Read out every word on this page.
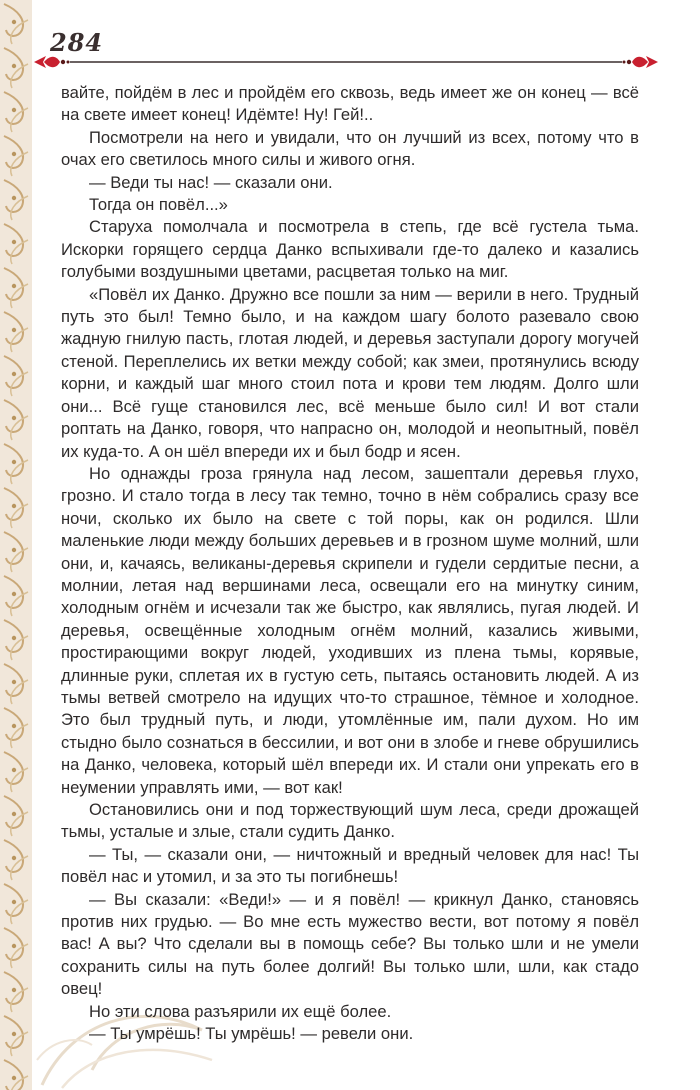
284

вайте, пойдём в лес и пройдём его сквозь, ведь имеет же он конец — всё на свете имеет конец! Идёмте! Ну! Гей!..

Посмотрели на него и увидали, что он лучший из всех, потому что в очах его светилось много силы и живого огня.

— Веди ты нас! — сказали они.

Тогда он повёл...»

Старуха помолчала и посмотрела в степь, где всё густела тьма. Искорки горящего сердца Данко вспыхивали где-то далеко и казались голубыми воздушными цветами, расцветая только на миг.

«Повёл их Данко. Дружно все пошли за ним — верили в него. Трудный путь это был! Темно было, и на каждом шагу болото разевало свою жадную гнилую пасть, глотая людей, и деревья заступали дорогу могучей стеной. Переплелись их ветки между собой; как змеи, протянулись всюду корни, и каждый шаг много стоил пота и крови тем людям. Долго шли они... Всё гуще становился лес, всё меньше было сил! И вот стали роптать на Данко, говоря, что напрасно он, молодой и неопытный, повёл их куда-то. А он шёл впереди их и был бодр и ясен.

Но однажды гроза грянула над лесом, зашептали деревья глухо, грозно. И стало тогда в лесу так темно, точно в нём собрались сразу все ночи, сколько их было на свете с той поры, как он родился. Шли маленькие люди между больших деревьев и в грозном шуме молний, шли они, и, качаясь, великаны-деревья скрипели и гудели сердитые песни, а молнии, летая над вершинами леса, освещали его на минутку синим, холодным огнём и исчезали так же быстро, как являлись, пугая людей. И деревья, освещённые холодным огнём молний, казались живыми, простирающими вокруг людей, уходивших из плена тьмы, корявые, длинные руки, сплетая их в густую сеть, пытаясь остановить людей. А из тьмы ветвей смотрело на идущих что-то страшное, тёмное и холодное. Это был трудный путь, и люди, утомлённые им, пали духом. Но им стыдно было сознаться в бессилии, и вот они в злобе и гневе обрушились на Данко, человека, который шёл впереди их. И стали они упрекать его в неумении управлять ими, — вот как!

Остановились они и под торжествующий шум леса, среди дрожащей тьмы, усталые и злые, стали судить Данко.

— Ты, — сказали они, — ничтожный и вредный человек для нас! Ты повёл нас и утомил, и за это ты погибнешь!

— Вы сказали: «Веди!» — и я повёл! — крикнул Данко, становясь против них грудью. — Во мне есть мужество вести, вот потому я повёл вас! А вы? Что сделали вы в помощь себе? Вы только шли и не умели сохранить силы на путь более долгий! Вы только шли, шли, как стадо овец!

Но эти слова разъярили их ещё более.

— Ты умрёшь! Ты умрёшь! — ревели они.
